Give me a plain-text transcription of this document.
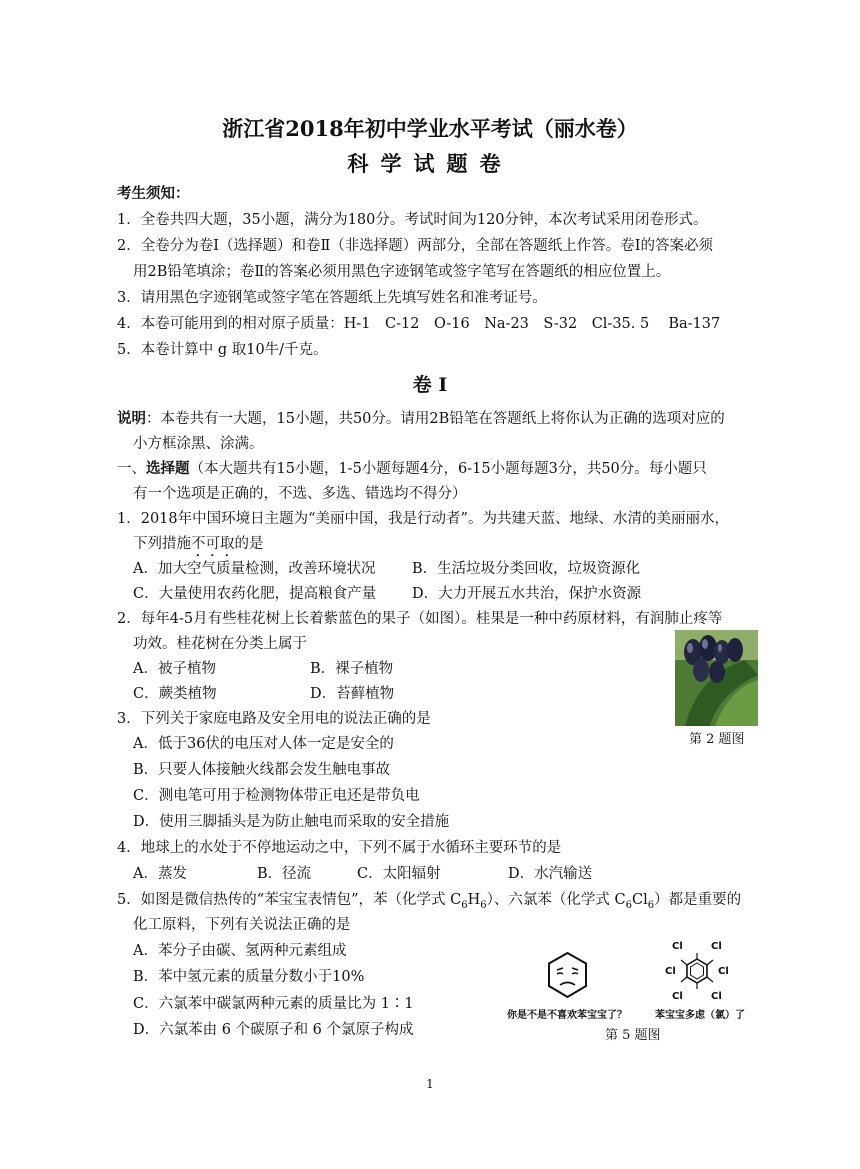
浙江省2018年初中学业水平考试（丽水卷）
科学试题卷
考生须知：
1．全卷共四大题，35小题，满分为180分。考试时间为120分钟，本次考试采用闭卷形式。
2．全卷分为卷Ⅰ（选择题）和卷Ⅱ（非选择题）两部分，全部在答题纸上作答。卷Ⅰ的答案必须
用2B铅笔填涂；卷Ⅱ的答案必须用黑色字迹钢笔或签字笔写在答题纸的相应位置上。
3．请用黑色字迹钢笔或签字笔在答题纸上先填写姓名和准考证号。
4．本卷可能用到的相对原子质量：H-1　C-12　O-16　Na-23　S-32　Cl-35. 5　 Ba-137
5．本卷计算中 g 取10牛/千克。
卷 I
说明：本卷共有一大题，15小题，共50分。请用2B铅笔在答题纸上将你认为正确的选项对应的
小方框涂黑、涂满。
一、选择题（本大题共有15小题，1-5小题每题4分，6-15小题每题3分，共50分。每小题只
有一个选项是正确的，不选、多选、错选均不得分）
1．2018年中国环境日主题为“美丽中国，我是行动者”。为共建天蓝、地绿、水清的美丽丽水，
下列措施不可取的是
A．加大空气质量检测，改善环境状况	B．生活垃圾分类回收，垃圾资源化
C．大量使用农药化肥，提高粮食产量 D．大力开展五水共治，保护水资源
2．每年4-5月有些桂花树上长着紫蓝色的果子（如图）。桂果是一种中药原材料，有润肺止疼等
功效。桂花树在分类上属于
A．被子植物	B．裸子植物
C．蕨类植物	D．苔藓植物
第 2 题图
3．下列关于家庭电路及安全用电的说法正确的是
A．低于36伏的电压对人体一定是安全的
B．只要人体接触火线都会发生触电事故
C．测电笔可用于检测物体带正电还是带负电
D．使用三脚插头是为防止触电而采取的安全措施
4．地球上的水处于不停地运动之中，下列不属于水循环主要环节的是
A．蒸发	B．径流	C．太阳辐射	D．水汽输送
5．如图是微信热传的“苯宝宝表情包”，苯（化学式 $C_6H_6$）、六氯苯（化学式 $C_6Cl_6$）都是重要的
化工原料，下列有关说法正确的是
A．苯分子由碳、氢两种元素组成
B．苯中氢元素的质量分数小于10%
C．六氯苯中碳氯两种元素的质量比为 1∶1
D．六氯苯由 6 个碳原子和 6 个氯原子构成
你是不是不喜欢苯宝宝了？
Cl	Cl
Cl	Cl
Cl	Cl
苯宝宝多虑（氯）了
第 5 题图
1
